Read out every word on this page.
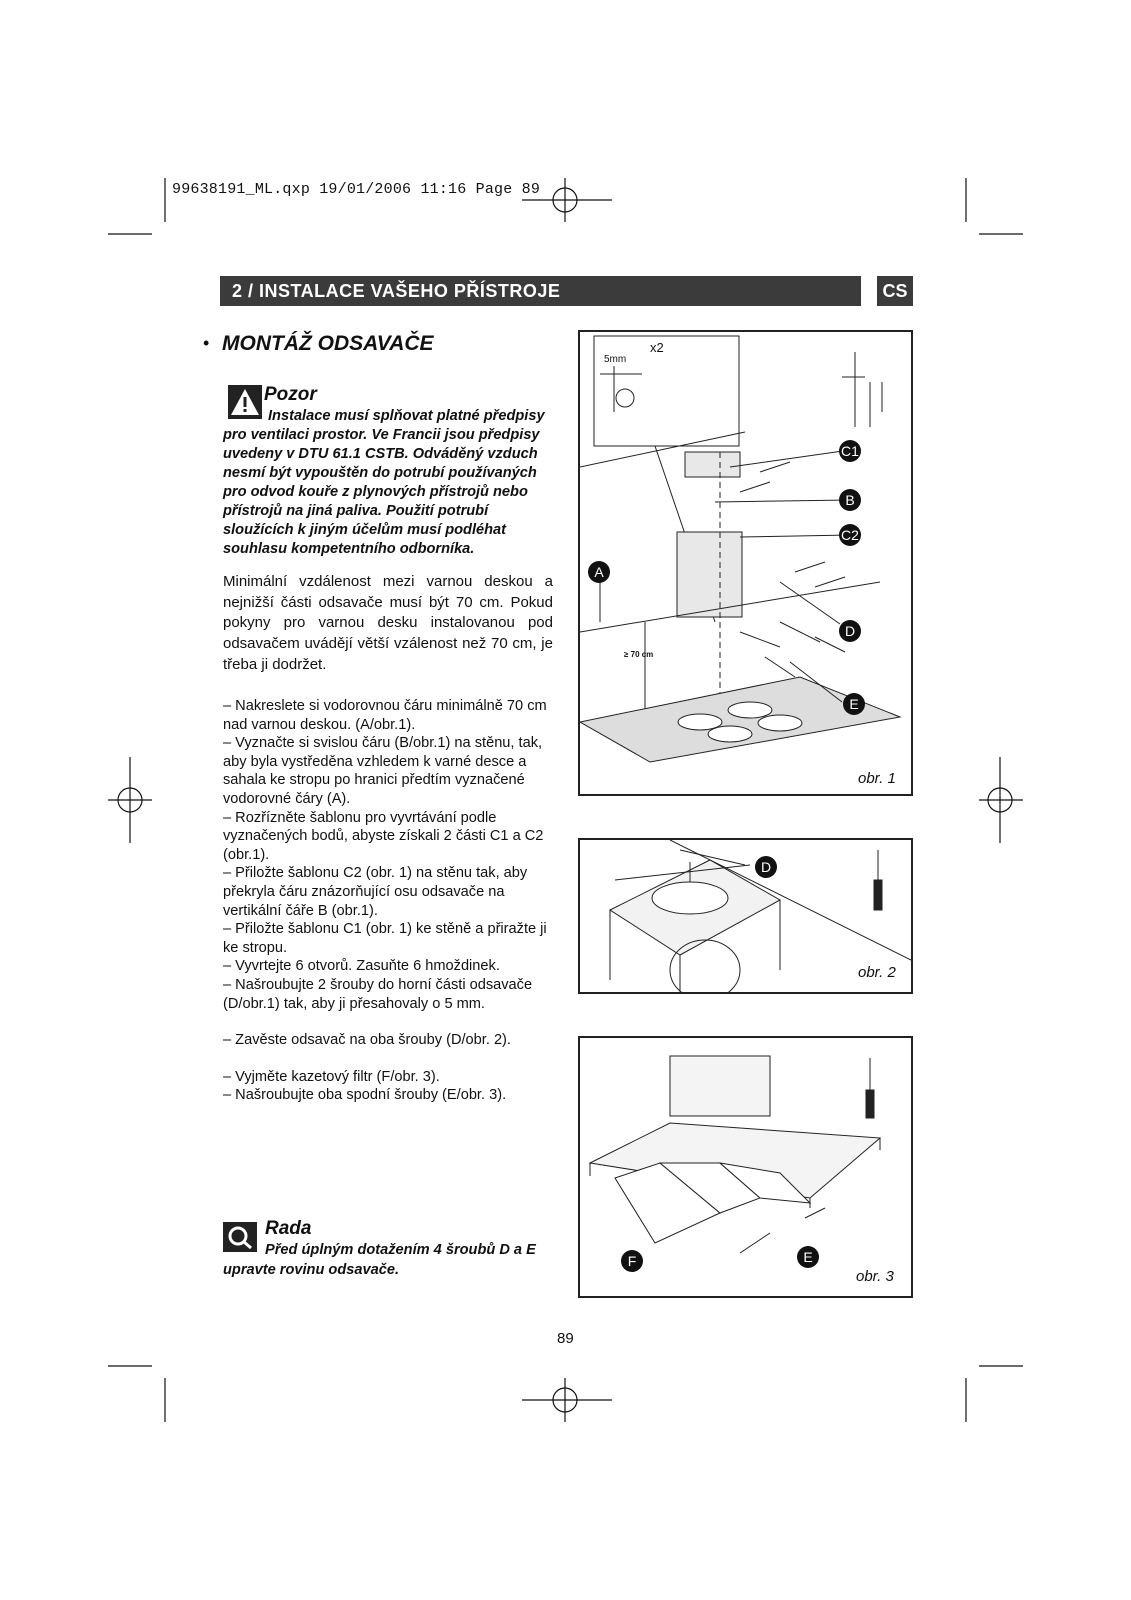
99638191_ML.qxp 19/01/2006 11:16 Page 89
2 / INSTALACE VAŠEHO PŘÍSTROJE	CS
• MONTÁŽ ODSAVAČE
Pozor
Instalace musí splňovat platné předpisy pro ventilaci prostor. Ve Francii jsou předpisy uvedeny v DTU 61.1 CSTB. Odváděný vzduch nesmí být vypouštěn do potrubí používaných pro odvod kouře z plynových přístrojů nebo přístrojů na jiná paliva. Použití potrubí sloužících k jiným účelům musí podléhat souhlasu kompetentního odborníka.
Minimální vzdálenost mezi varnou deskou a nejnižší části odsavače musí být 70 cm. Pokud pokyny pro varnou desku instalovanou pod odsavačem uvádějí větší vzálenost než 70 cm, je třeba ji dodržet.

– Nakreslete si vodorovnou čáru minimálně 70 cm nad varnou deskou. (A/obr.1).

– Vyznačte si svislou čáru (B/obr.1) na stěnu, tak, aby byla vystředěna vzhledem k varné desce a sahala ke stropu po hranici předtím vyznačené vodorovné čáry (A).

– Rozřízněte šablonu pro vyvrtávání podle vyznačených bodů, abyste získali 2 části C1 a C2 (obr.1).

– Přiložte šablonu C2 (obr. 1) na stěnu tak, aby překryla čáru znázorňující osu odsavače na vertikální čáře B (obr.1).

– Přiložte šablonu C1 (obr. 1) ke stěně a přiražte ji ke stropu.

– Vyvrtejte 6 otvorů. Zasuňte 6 hmoždinek.

– Našroubujte 2 šrouby do horní části odsavače (D/obr.1) tak, aby ji přesahovaly o 5 mm.

– Zavěste odsavač na oba šrouby (D/obr. 2).

– Vyjměte kazetový filtr (F/obr. 3).

– Našroubujte oba spodní šrouby (E/obr. 3).

Rada
Před úplným dotažením 4 šroubů D a E upravte rovinu odsavače.
x2
5mm
≥ 70 cm
A
C1
B
C2
D
E
obr. 1
D
obr. 2
F	E
obr. 3
89
